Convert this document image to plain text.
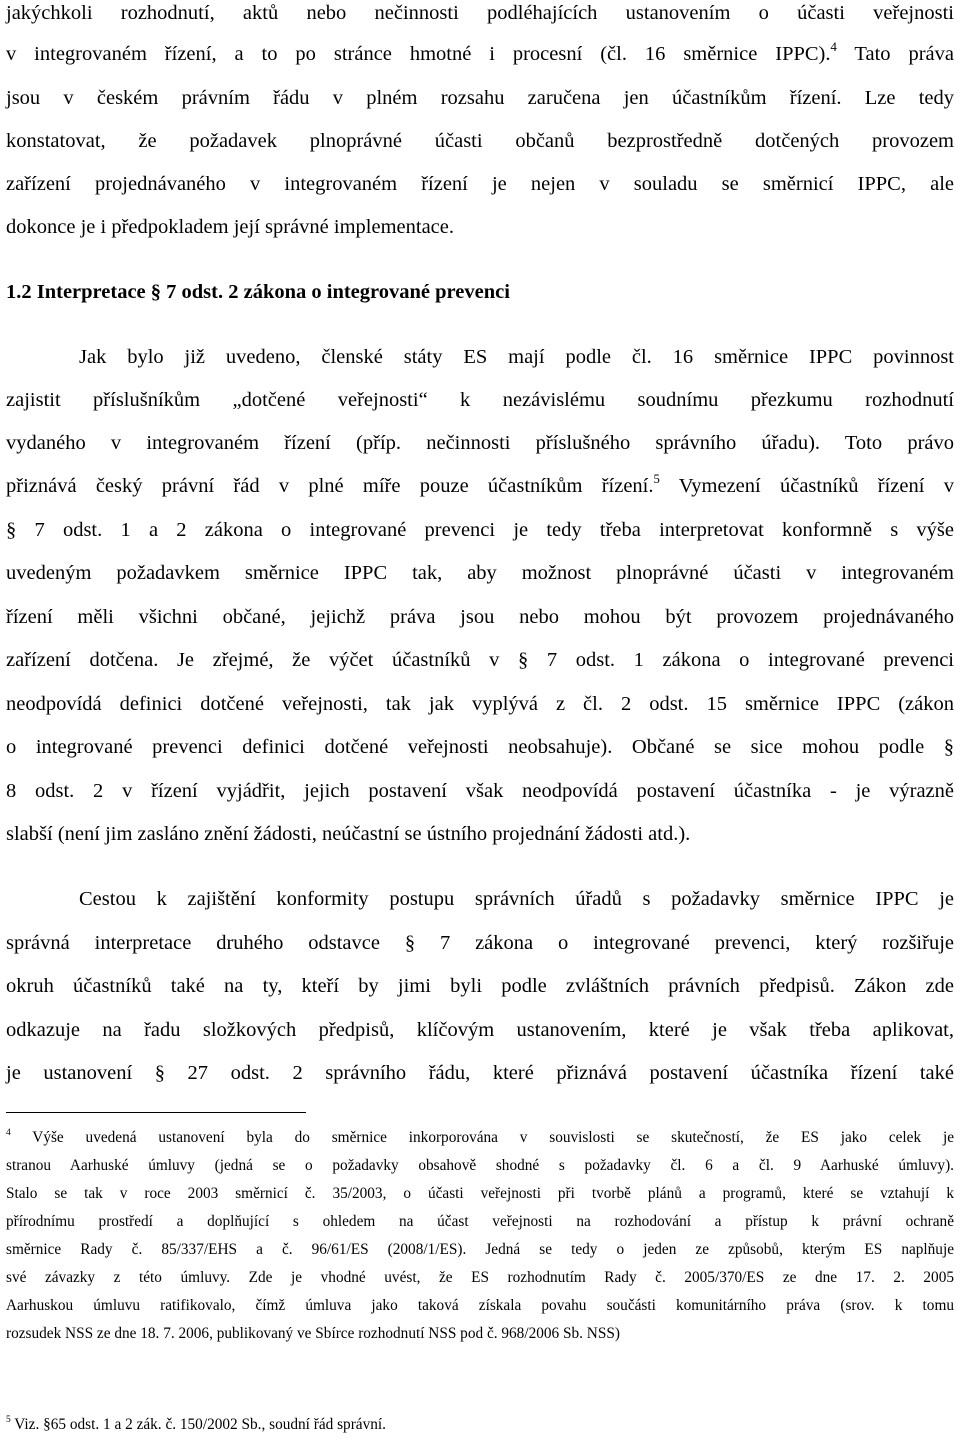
jakýchkoli rozhodnutí, aktů nebo nečinnosti podléhajících ustanovením o účasti veřejnosti
v integrovaném řízení, a to po stránce hmotné i procesní (čl. 16 směrnice IPPC).$^4$ Tato práva
jsou v českém právním řádu v plném rozsahu zaručena jen účastníkům řízení. Lze tedy
konstatovat, že požadavek plnoprávné účasti občanů bezprostředně dotčených provozem
zařízení projednávaného v integrovaném řízení je nejen v souladu se směrnicí IPPC, ale
dokonce je i předpokladem její správné implementace.
1.2 Interpretace § 7 odst. 2 zákona o integrované prevenci
Jak bylo již uvedeno, členské státy ES mají podle čl. 16 směrnice IPPC povinnost
zajistit příslušníkům „dotčené veřejnosti“ k nezávislému soudnímu přezkumu rozhodnutí
vydaného v integrovaném řízení (příp. nečinnosti příslušného správního úřadu). Toto právo
přiznává český právní řád v plné míře pouze účastníkům řízení.$^5$ Vymezení účastníků řízení v
§ 7 odst. 1 a 2 zákona o integrované prevenci je tedy třeba interpretovat konformně s výše
uvedeným požadavkem směrnice IPPC tak, aby možnost plnoprávné účasti v integrovaném
řízení měli všichni občané, jejichž práva jsou nebo mohou být provozem projednávaného
zařízení dotčena. Je zřejmé, že výčet účastníků v § 7 odst. 1 zákona o integrované prevenci
neodpovídá definici dotčené veřejnosti, tak jak vyplývá z čl. 2 odst. 15 směrnice IPPC (zákon
o integrované prevenci definici dotčené veřejnosti neobsahuje). Občané se sice mohou podle §
8 odst. 2 v řízení vyjádřit, jejich postavení však neodpovídá postavení účastníka - je výrazně
slabší (není jim zasláno znění žádosti, neúčastní se ústního projednání žádosti atd.).
Cestou k zajištění konformity postupu správních úřadů s požadavky směrnice IPPC je
správná interpretace druhého odstavce § 7 zákona o integrované prevenci, který rozšiřuje
okruh účastníků také na ty, kteří by jimi byli podle zvláštních právních předpisů. Zákon zde
odkazuje na řadu složkových předpisů, klíčovým ustanovením, které je však třeba aplikovat,
je ustanovení § 27 odst. 2 správního řádu, které přiznává postavení účastníka řízení také
$^4$ Výše uvedená ustanovení byla do směrnice inkorporována v souvislosti se skutečností, že ES jako celek je
stranou Aarhuské úmluvy (jedná se o požadavky obsahově shodné s požadavky čl. 6 a čl. 9 Aarhuské úmluvy).
Stalo se tak v roce 2003 směrnicí č. 35/2003, o účasti veřejnosti při tvorbě plánů a programů, které se vztahují k
přírodnímu prostředí a doplňující s ohledem na účast veřejnosti na rozhodování a přístup k právní ochraně
směrnice Rady č. 85/337/EHS a č. 96/61/ES (2008/1/ES). Jedná se tedy o jeden ze způsobů, kterým ES naplňuje
své závazky z této úmluvy. Zde je vhodné uvést, že ES rozhodnutím Rady č. 2005/370/ES ze dne 17. 2. 2005
Aarhuskou úmluvu ratifikovalo, čímž úmluva jako taková získala povahu součásti komunitárního práva (srov. k tomu
rozsudek NSS ze dne 18. 7. 2006, publikovaný ve Sbírce rozhodnutí NSS pod č. 968/2006 Sb. NSS)
$^5$ Viz. §65 odst. 1 a 2 zák. č. 150/2002 Sb., soudní řád správní.
